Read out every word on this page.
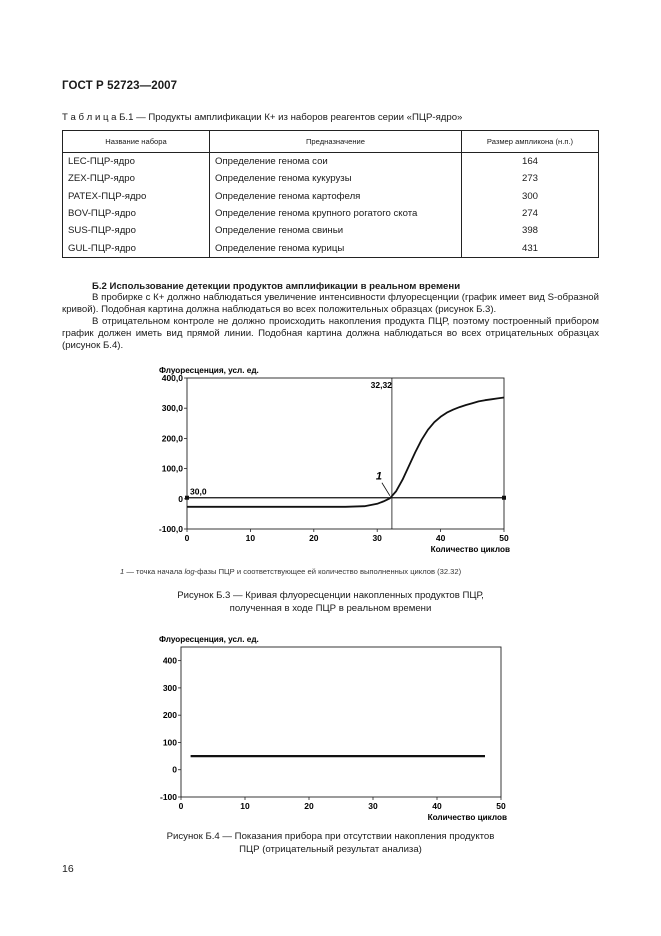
ГОСТ Р 52723—2007
Т а б л и ц а Б.1 — Продукты амплификации К+ из наборов реагентов серии «ПЦР-ядро»
Название набора	Предназначение	Размер ампликона (н.п.)
LEC-ПЦР-ядро	Определение генома сои	164
ZEX-ПЦР-ядро	Определение генома кукурузы	273
PATEX-ПЦР-ядро	Определение генома картофеля	300
BOV-ПЦР-ядро	Определение генома крупного рогатого скота	274
SUS-ПЦР-ядро	Определение генома свиньи	398
GUL-ПЦР-ядро	Определение генома курицы	431
Б.2 Использование детекции продуктов амплификации в реальном времени

В пробирке с К+ должно наблюдаться увеличение интенсивности флуоресценции (график имеет вид S-образной кривой). Подобная картина должна наблюдаться во всех положительных образцах (рисунок Б.3).

В отрицательном контроле не должно происходить накопления продукта ПЦР, поэтому построенный прибором график должен иметь вид прямой линии. Подобная картина должна наблюдаться во всех отрицательных образцах (рисунок Б.4).

Флуоресценция, усл. ед.
400,0
300,0
200,0
100,0
0
-100,0
0	10	20	30	40	50
Количество циклов
30,0
32,32
1
Флуоресценция, усл. ед.
400
300
200
100
0
-100
0	10	20	30	40	50
Количество циклов
1 — точка начала log-фазы ПЦР и соответствующее ей количество выполненных циклов (32.32)
Рисунок Б.3 — Кривая флуоресценции накопленных продуктов ПЦР,
полученная в ходе ПЦР в реальном времени
Рисунок Б.4 — Показания прибора при отсутствии накопления продуктов
ПЦР (отрицательный результат анализа)
16
